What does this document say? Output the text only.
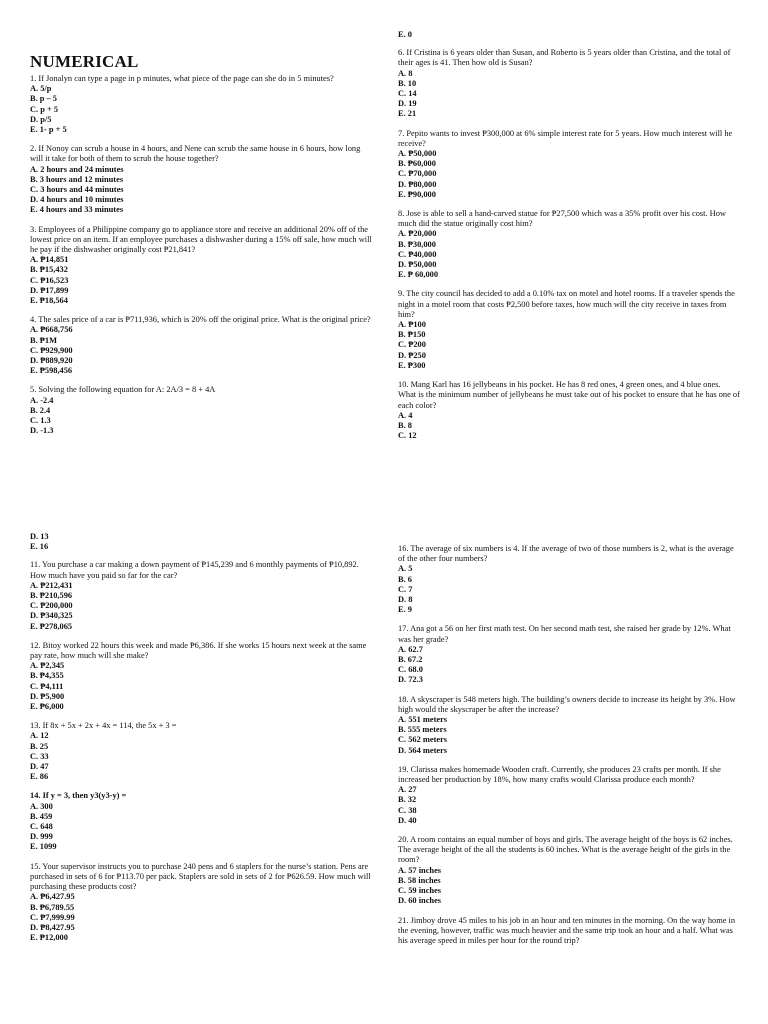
NUMERICAL
1. If Jonalyn can type a page in p minutes, what piece of the page can she do in 5 minutes?
A. 5/p
B. p – 5
C. p + 5
D. p/5
E. 1- p + 5
2. If Nonoy can scrub a house in 4 hours, and Nene can scrub the same house in 6 hours, how long will it take for both of them to scrub the house together?
A. 2 hours and 24 minutes
B. 3 hours and 12 minutes
C. 3 hours and 44 minutes
D. 4 hours and 10 minutes
E. 4 hours and 33 minutes
3. Employees of a Philippine company go to appliance store and receive an additional 20% off of the lowest price on an item. If an employee purchases a dishwasher during a 15% off sale, how much will he pay if the dishwasher originally cost ₱21,841?
A. ₱14,851
B. ₱15,432
C. ₱16,523
D. ₱17,899
E. ₱18,564
4. The sales price of a car is ₱711,936, which is 20% off the original price. What is the original price?
A. ₱668,756
B. ₱1M
C. ₱929,900
D. ₱889,920
E. ₱598,456
5. Solving the following equation for A: 2A/3 = 8 + 4A
A. -2.4
B. 2.4
C. 1.3
D. -1.3
E. 0
6. If Cristina is 6 years older than Susan, and Roberto is 5 years older than Cristina, and the total of their ages is 41. Then how old is Susan?
A. 8
B. 10
C. 14
D. 19
E. 21
7. Pepito wants to invest ₱300,000 at 6% simple interest rate for 5 years. How much interest will he receive?
A. ₱50,000
B. ₱60,000
C. ₱70,000
D. ₱80,000
E. ₱90,000
8. Jose is able to sell a hand-carved statue for ₱27,500 which was a 35% profit over his cost. How much did the statue originally cost him?
A. ₱20,000
B. ₱30,000
C. ₱40,000
D. ₱50,000
E. ₱ 60,000
9. The city council has decided to add a 0.10% tax on motel and hotel rooms. If a traveler spends the night in a motel room that costs ₱2,500 before taxes, how much will the city receive in taxes from him?
A. ₱100
B. ₱150
C. ₱200
D. ₱250
E. ₱300
10. Mang Karl has 16 jellybeans in his pocket. He has 8 red ones, 4 green ones, and 4 blue ones. What is the minimum number of jellybeans he must take out of his pocket to ensure that he has one of each color?
A. 4
B. 8
C. 12
D. 13
E. 16
11. You purchase a car making a down payment of ₱145,239 and 6 monthly payments of ₱10,892. How much have you paid so far for the car?
A. ₱212,431
B. ₱210,596
C. ₱200,000
D. ₱340,325
E. ₱278,065
12. Bitoy worked 22 hours this week and made ₱6,386. If she works 15 hours next week at the same pay rate, how much will she make?
A. ₱2,345
B. ₱4,355
C. ₱4,111
D. ₱5,900
E. ₱6,000
13. If 8x + 5x + 2x + 4x = 114, the 5x + 3 =
A. 12
B. 25
C. 33
D. 47
E. 86
14. If y = 3, then y3(y3-y) =
A. 300
B. 459
C. 648
D. 999
E. 1099
15. Your supervisor instructs you to purchase 240 pens and 6 staplers for the nurse’s station. Pens are purchased in sets of 6 for ₱113.70 per pack. Staplers are sold in sets of 2 for ₱626.59. How much will purchasing these products cost?
A. ₱6,427.95
B. ₱6,789.55
C. ₱7,999.99
D. ₱8,427.95
E. ₱12,000
16. The average of six numbers is 4. If the average of two of those numbers is 2, what is the average of the other four numbers?
A. 5
B. 6
C. 7
D. 8
E. 9
17. Ana got a 56 on her first math test. On her second math test, she raised her grade by 12%. What was her grade?
A. 62.7
B. 67.2
C. 68.0
D. 72.3
18. A skyscraper is 548 meters high. The building’s owners decide to increase its height by 3%. How high would the skyscraper be after the increase?
A. 551 meters
B. 555 meters
C. 562 meters
D. 564 meters
19. Clarissa makes homemade Wooden craft. Currently, she produces 23 crafts per month. If she increased her production by 18%, how many crafts would Clarissa produce each month?
A. 27
B. 32
C. 38
D. 40
20. A room contains an equal number of boys and girls. The average height of the boys is 62 inches. The average height of the all the students is 60 inches. What is the average height of the girls in the room?
A. 57 inches
B. 58 inches
C. 59 inches
D. 60 inches
21. Jimboy drove 45 miles to his job in an hour and ten minutes in the morning. On the way home in the evening, however, traffic was much heavier and the same trip took an hour and a half. What was his average speed in miles per hour for the round trip?
